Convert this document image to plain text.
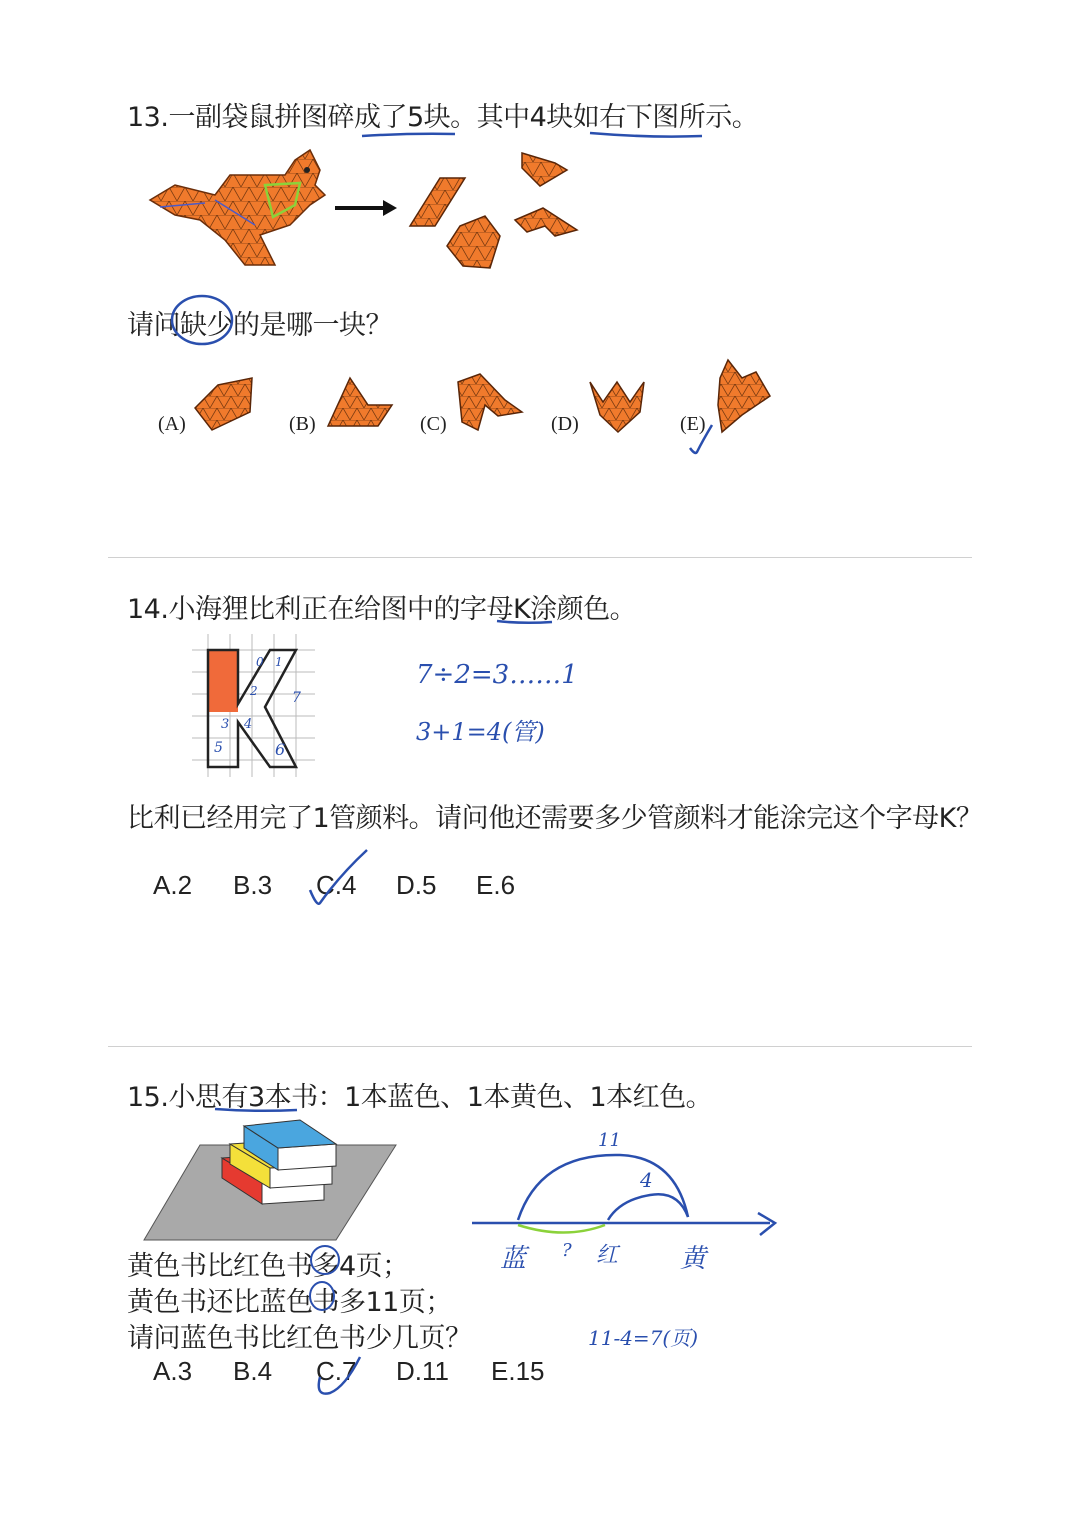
13.一副袋鼠拼图碎成了5块。其中4块如右下图所示。
请问缺少的是哪一块？
(A)	(B)	(C)	(D)	(E)
14.小海狸比利正在给图中的字母K涂颜色。
0 1
2 7
3 4
5	6
7÷2=3……1
3+1=4(管)
比利已经用完了1管颜料。请问他还需要多少管颜料才能涂完这个字母K？
A.2 B.3 C.4 D.5 E.6
15.小思有3本书：1本蓝色、1本黄色、1本红色。
黄色书比红色书多4页；
黄色书还比蓝色书多11页；
请问蓝色书比红色书少几页？
A.3 B.4 C.7 D.11 E.15
11
4
蓝 ? 红 黄
11-4=7(页)
